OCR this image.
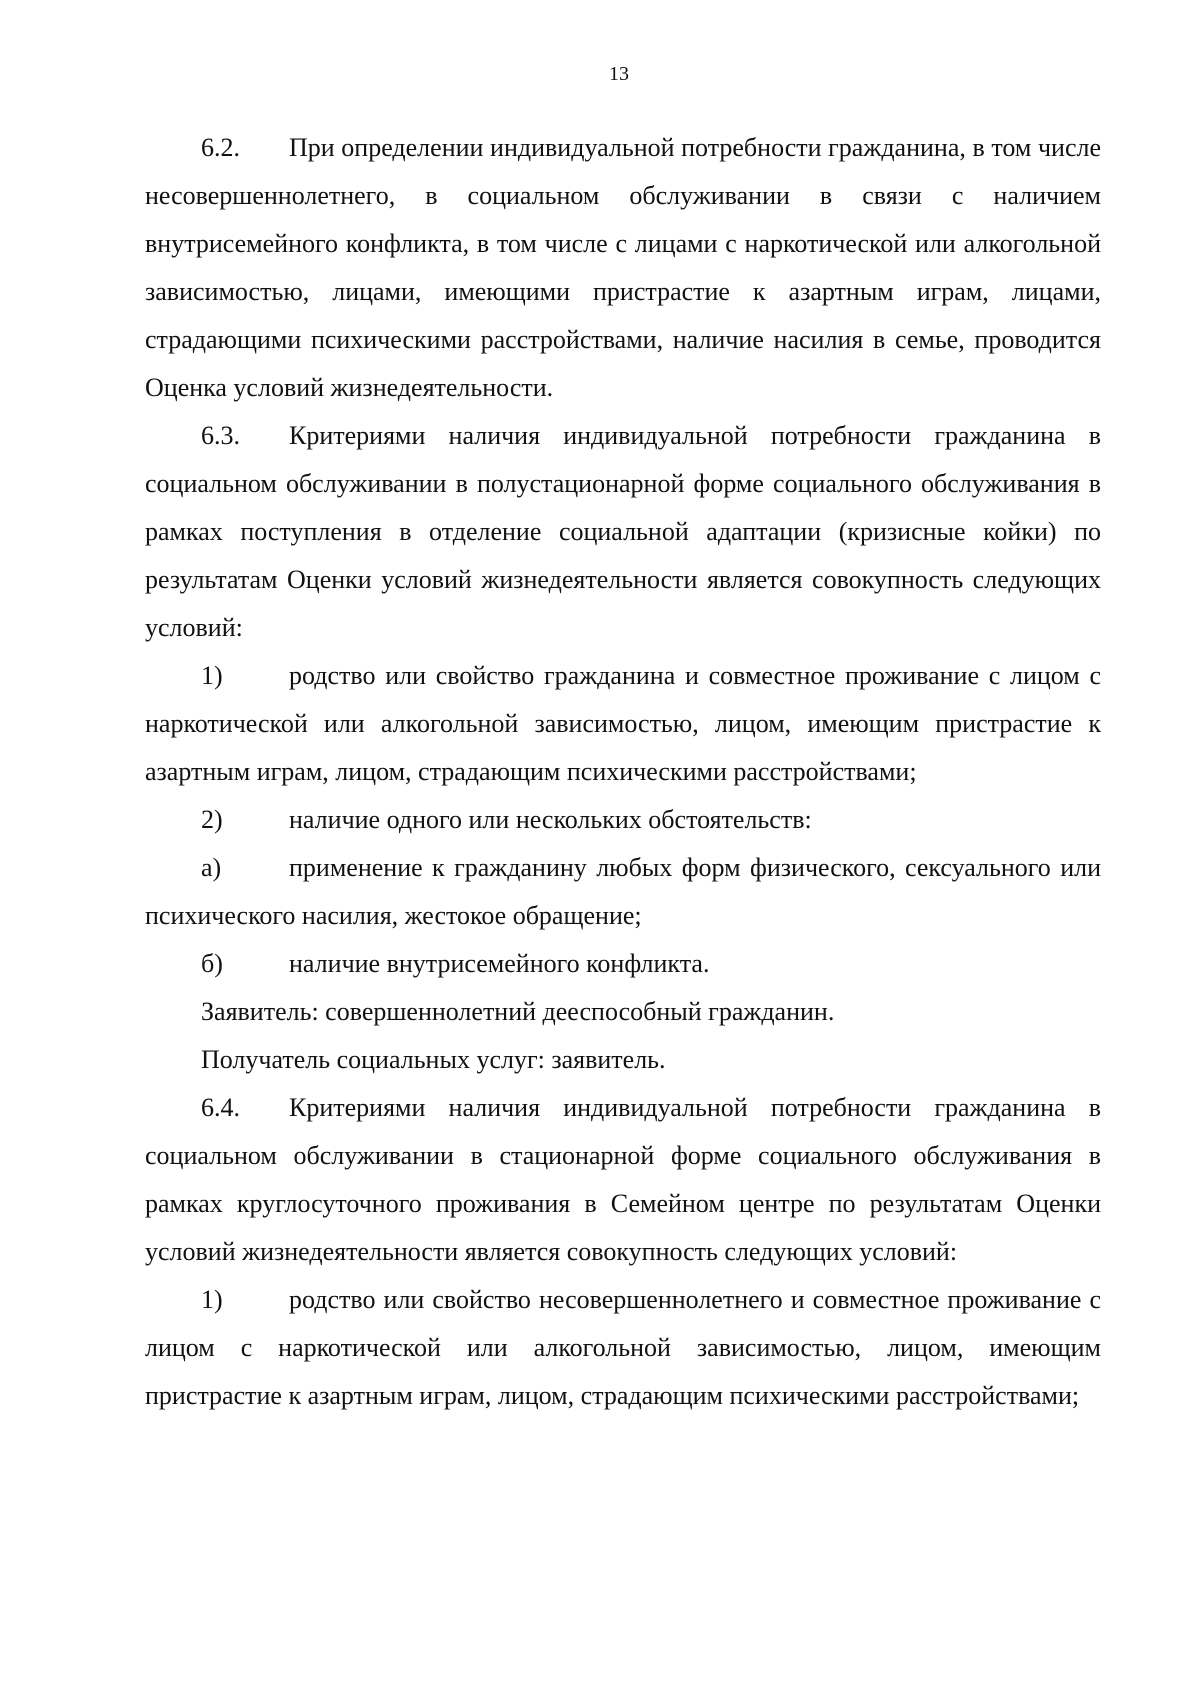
13

6.2. При определении индивидуальной потребности гражданина, в том числе несовершеннолетнего, в социальном обслуживании в связи с наличием внутрисемейного конфликта, в том числе с лицами с наркотической или алкогольной зависимостью, лицами, имеющими пристрастие к азартным играм, лицами, страдающими психическими расстройствами, наличие насилия в семье, проводится Оценка условий жизнедеятельности.

6.3. Критериями наличия индивидуальной потребности гражданина в социальном обслуживании в полустационарной форме социального обслуживания в рамках поступления в отделение социальной адаптации (кризисные койки) по результатам Оценки условий жизнедеятельности является совокупность следующих условий:

1)	родство или свойство гражданина и совместное проживание с лицом с наркотической или алкогольной зависимостью, лицом, имеющим пристрастие к азартным играм, лицом, страдающим психическими расстройствами;

2)	наличие одного или нескольких обстоятельств:

а)	применение к гражданину любых форм физического, сексуального или психического насилия, жестокое обращение;

б)	наличие внутрисемейного конфликта.

Заявитель: совершеннолетний дееспособный гражданин.

Получатель социальных услуг: заявитель.

6.4. Критериями наличия индивидуальной потребности гражданина в социальном обслуживании в стационарной форме социального обслуживания в рамках круглосуточного проживания в Семейном центре по результатам Оценки условий жизнедеятельности является совокупность следующих условий:

1)	родство или свойство несовершеннолетнего и совместное проживание с лицом с наркотической или алкогольной зависимостью, лицом, имеющим пристрастие к азартным играм, лицом, страдающим психическими расстройствами;
